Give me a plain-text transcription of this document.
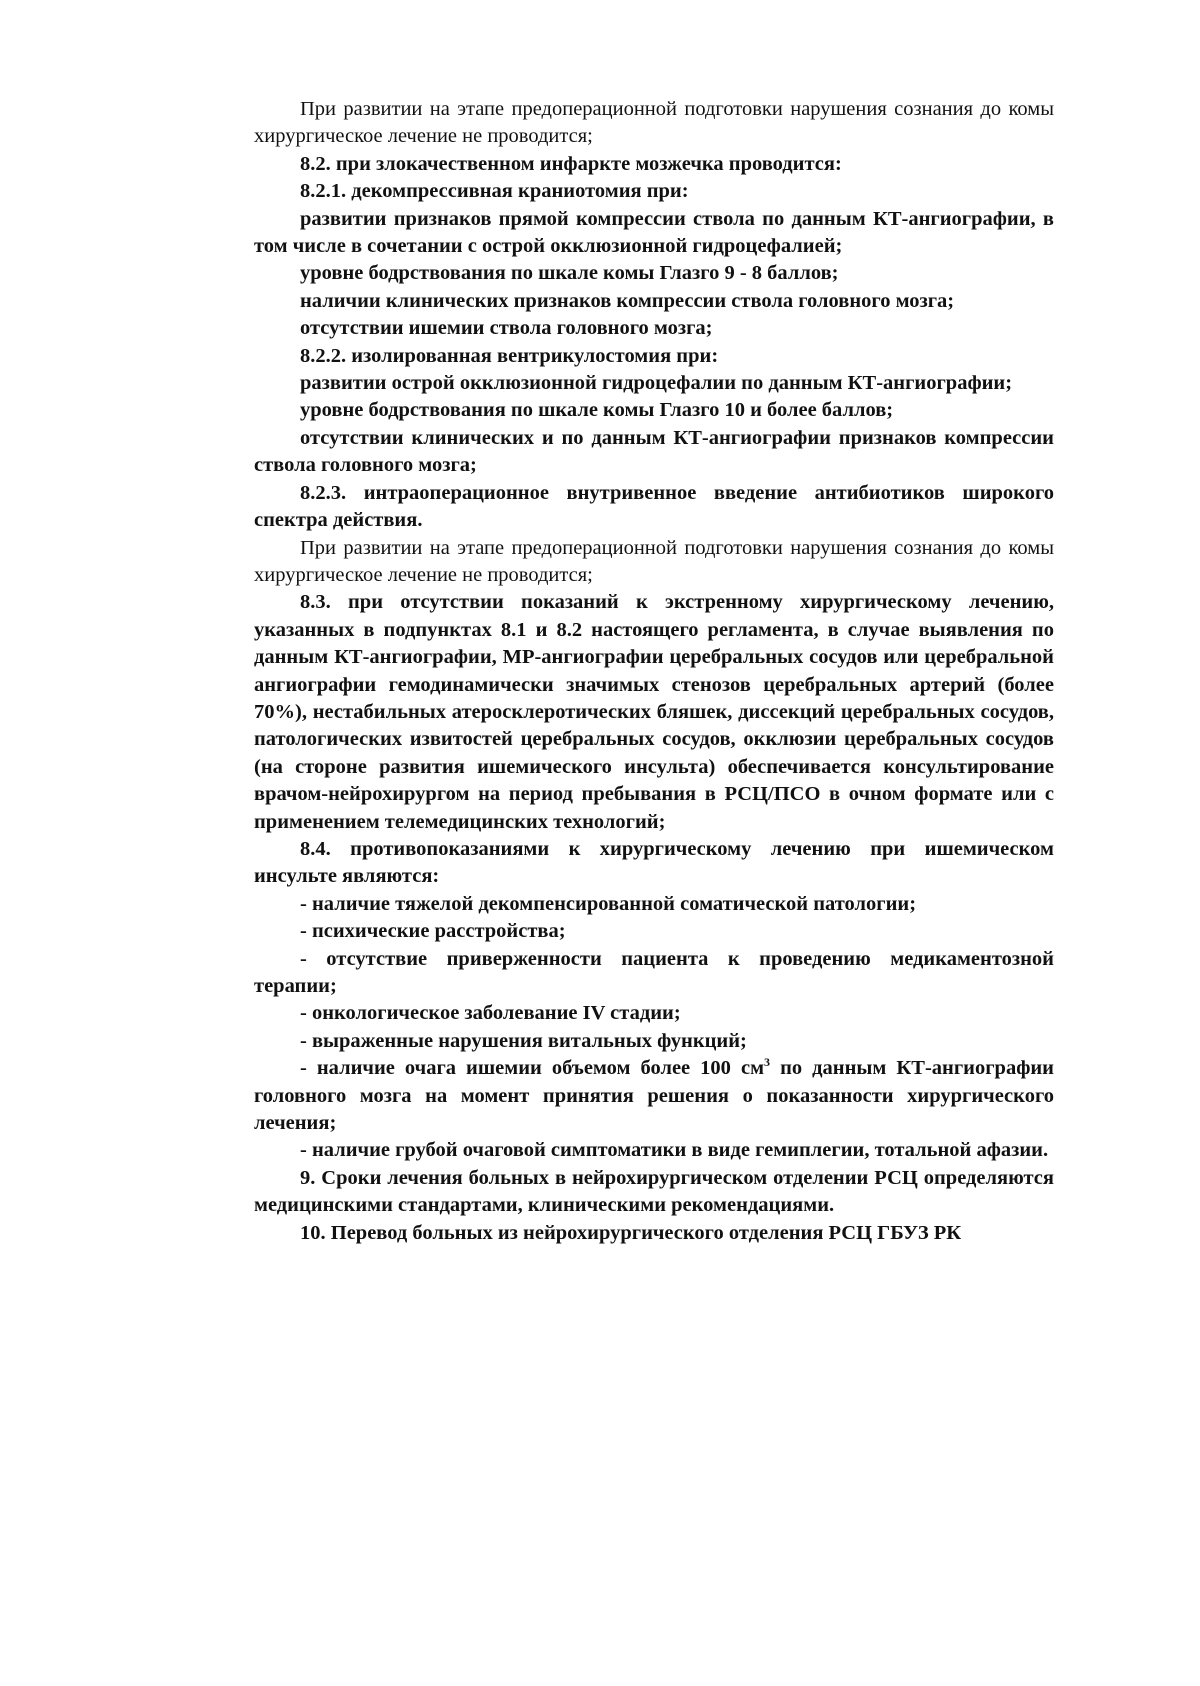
При развитии на этапе предоперационной подготовки нарушения сознания до комы хирургическое лечение не проводится;

8.2. при злокачественном инфаркте мозжечка проводится:

8.2.1. декомпрессивная краниотомия при:

развитии признаков прямой компрессии ствола по данным КТ-ангиографии, в том числе в сочетании с острой окклюзионной гидроцефалией;

уровне бодрствования по шкале комы Глазго 9 - 8 баллов;

наличии клинических признаков компрессии ствола головного мозга;

отсутствии ишемии ствола головного мозга;

8.2.2. изолированная вентрикулостомия при:

развитии острой окклюзионной гидроцефалии по данным КТ-ангиографии;

уровне бодрствования по шкале комы Глазго 10 и более баллов;

отсутствии клинических и по данным КТ-ангиографии признаков компрессии ствола головного мозга;

8.2.3. интраоперационное внутривенное введение антибиотиков широкого спектра действия.

При развитии на этапе предоперационной подготовки нарушения сознания до комы хирургическое лечение не проводится;

8.3. при отсутствии показаний к экстренному хирургическому лечению, указанных в подпунктах 8.1 и 8.2 настоящего регламента, в случае выявления по данным КТ-ангиографии, МР-ангиографии церебральных сосудов или церебральной ангиографии гемодинамически значимых стенозов церебральных артерий (более 70%), нестабильных атеросклеротических бляшек, диссекций церебральных сосудов, патологических извитостей церебральных сосудов, окклюзии церебральных сосудов (на стороне развития ишемического инсульта) обеспечивается консультирование врачом-нейрохирургом на период пребывания в РСЦ/ПСО в очном формате или с применением телемедицинских технологий;

8.4. противопоказаниями к хирургическому лечению при ишемическом инсульте являются:

- наличие тяжелой декомпенсированной соматической патологии;

- психические расстройства;

- отсутствие приверженности пациента к проведению медикаментозной терапии;

- онкологическое заболевание IV стадии;

- выраженные нарушения витальных функций;

- наличие очага ишемии объемом более 100 $см^3$ по данным КТ-ангиографии головного мозга на момент принятия решения о показанности хирургического лечения;

- наличие грубой очаговой симптоматики в виде гемиплегии, тотальной афазии.

9. Сроки лечения больных в нейрохирургическом отделении РСЦ определяются медицинскими стандартами, клиническими рекомендациями.

10. Перевод больных из нейрохирургического отделения РСЦ ГБУЗ РК
